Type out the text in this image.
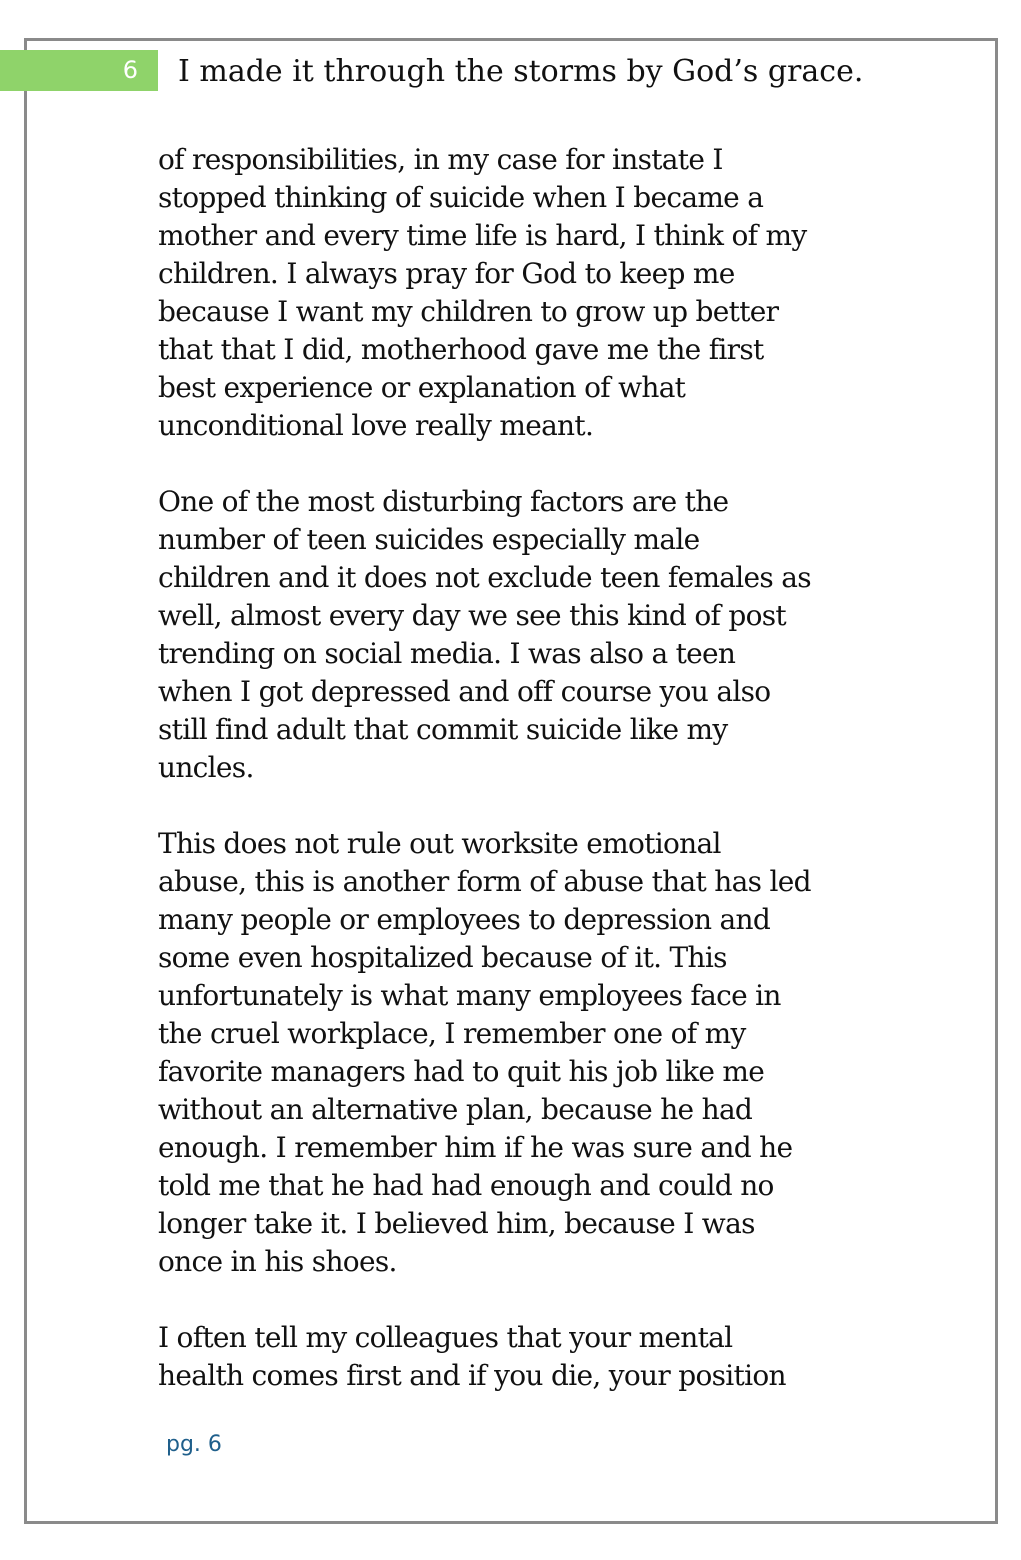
6 I made it through the storms by God’s grace.

of responsibilities, in my case for instate I
stopped thinking of suicide when I became a
mother and every time life is hard, I think of my
children. I always pray for God to keep me
because I want my children to grow up better
that that I did, motherhood gave me the first
best experience or explanation of what
unconditional love really meant.

One of the most disturbing factors are the
number of teen suicides especially male
children and it does not exclude teen females as
well, almost every day we see this kind of post
trending on social media. I was also a teen
when I got depressed and off course you also
still find adult that commit suicide like my
uncles.

This does not rule out worksite emotional
abuse, this is another form of abuse that has led
many people or employees to depression and
some even hospitalized because of it. This
unfortunately is what many employees face in
the cruel workplace, I remember one of my
favorite managers had to quit his job like me
without an alternative plan, because he had
enough. I remember him if he was sure and he
told me that he had had enough and could no
longer take it. I believed him, because I was
once in his shoes.

I often tell my colleagues that your mental
health comes first and if you die, your position

pg. 6
